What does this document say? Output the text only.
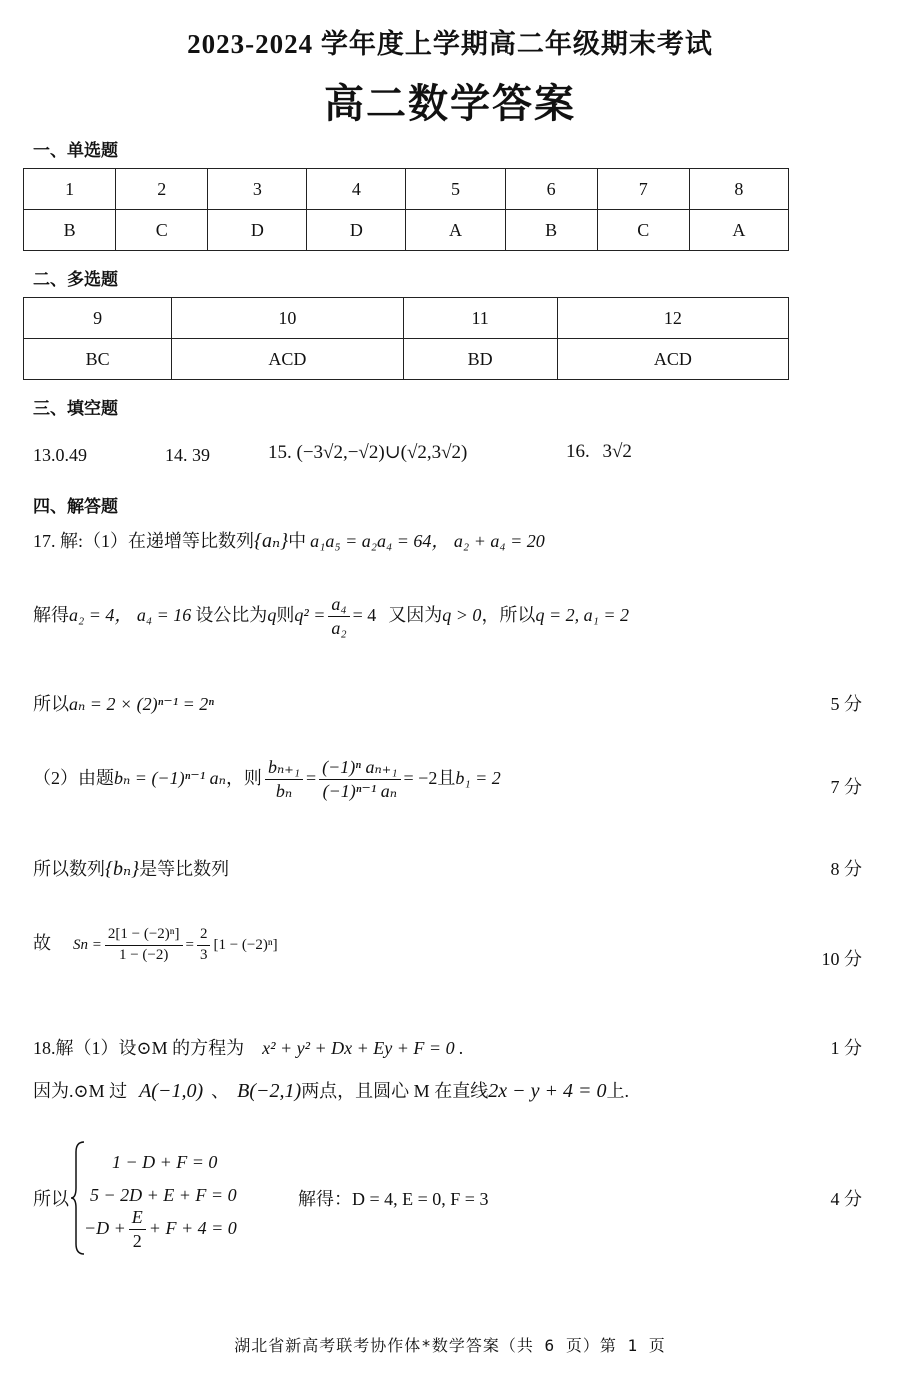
2023-2024 学年度上学期高二年级期末考试
高二数学答案
一、单选题
1	2	3	4	5	6	7	8
B	C	D	D	A	B	C	A
二、多选题
9	10	11	12
BC	ACD	BD	ACD
三、填空题
13.0.49	14. 39	15. (−3√2,−√2)∪(√2,3√2)	16. 3√2
四、解答题
17. 解:（1）在递增等比数列{aₙ}中 a₁a₅ = a₂a₄ = 64， a₂ + a₄ = 20
解得a₂ = 4， a₄ = 16 设公比为q则$q^2 = \frac{\text{a₄}}{\text{a₂}} = 4$ 又因为q > 0，所以q = 2, a₁ = 2
所以aₙ = 2 × (2)ⁿ⁻¹ = 2ⁿ	5 分
（2）由题bₙ = (−1)ⁿ⁻¹ aₙ，则 $\frac{\text{bₙ₊₁}}{\text{bₙ}} = \frac{\text{(−1)ⁿ aₙ₊₁}}{\text{(−1)ⁿ⁻¹ aₙ}} = -2$且b₁ = 2	7 分
所以数列{bₙ}是等比数列	8 分
故 $Sn = \frac{\text{2[1 − (−2)ⁿ]}}{1 - (-2)} = \frac{2}{3} [1 - (-2)^n]$
10 分
18.解（1）设⊙M 的方程为 x² + y² + Dx + Ey + F = 0 .	1 分
因为.⊙M 过 A(−1,0) 、 B(−2,1)两点，且圆心 M 在直线2x − y + 4 = 0上.
所以
1 − D + F = 0
5 − 2D + E + F = 0
$-D + \frac{E}{2} + F + 4 = 0$
解得：D = 4, E = 0, F = 3	4 分
湖北省新高考联考协作体*数学答案（共 6 页）第 1 页
